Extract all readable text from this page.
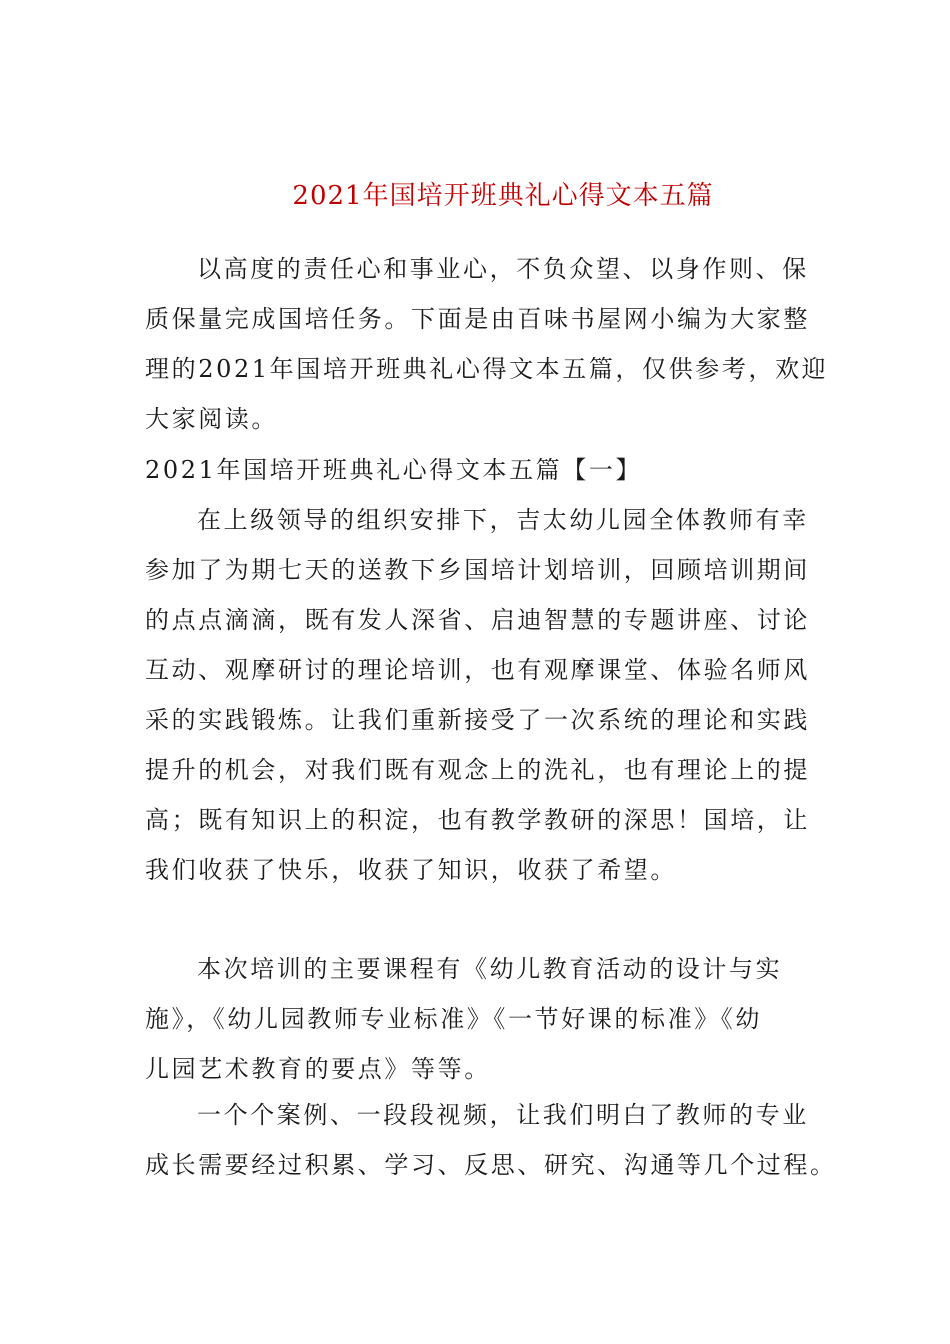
2021年国培开班典礼心得文本五篇
以高度的责任心和事业心，不负众望、以身作则、保
质保量完成国培任务。下面是由百味书屋网小编为大家整
理的2021年国培开班典礼心得文本五篇，仅供参考，欢迎
大家阅读。
2021年国培开班典礼心得文本五篇【一】
在上级领导的组织安排下，吉太幼儿园全体教师有幸
参加了为期七天的送教下乡国培计划培训，回顾培训期间
的点点滴滴，既有发人深省、启迪智慧的专题讲座、讨论
互动、观摩研讨的理论培训，也有观摩课堂、体验名师风
采的实践锻炼。让我们重新接受了一次系统的理论和实践
提升的机会，对我们既有观念上的洗礼，也有理论上的提
高；既有知识上的积淀，也有教学教研的深思！国培，让
我们收获了快乐，收获了知识，收获了希望。
本次培训的主要课程有《幼儿教育活动的设计与实
施》，《幼儿园教师专业标准》《一节好课的标准》《幼
儿园艺术教育的要点》等等。
一个个案例、一段段视频，让我们明白了教师的专业
成长需要经过积累、学习、反思、研究、沟通等几个过程。
